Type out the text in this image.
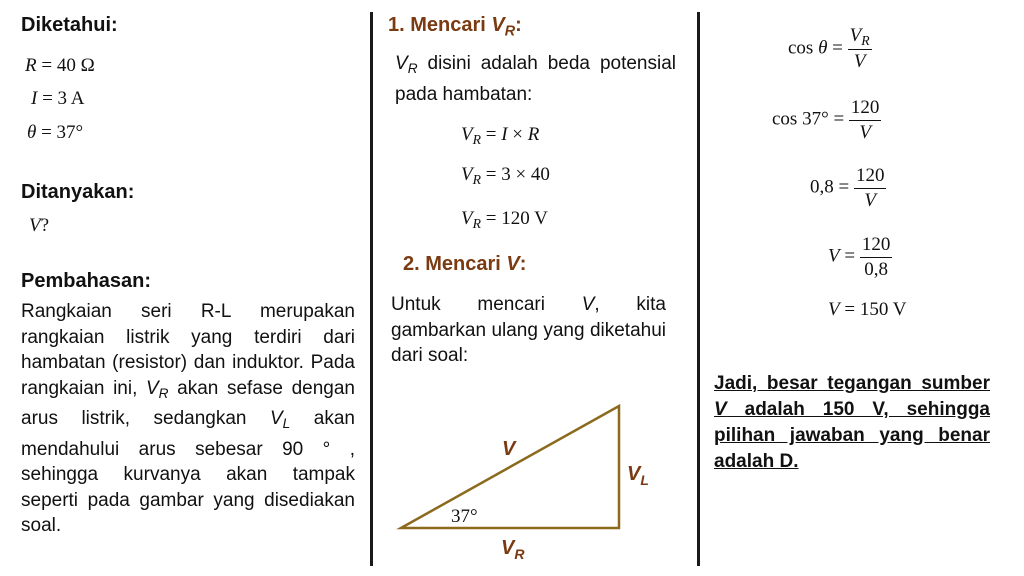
Diketahui:
R = 40 Ω
I = 3 A
θ = 37°
Ditanyakan:
V?
Pembahasan:
Rangkaian seri R-L merupakan rangkaian listrik yang terdiri dari hambatan (resistor) dan induktor. Pada rangkaian ini, $V_R$ akan sefase dengan arus listrik, sedangkan $V_L$ akan mendahului arus sebesar 90 ° , sehingga kurvanya akan tampak seperti pada gambar yang disediakan soal.
1. Mencari $V_R$:
$V_R$ disini adalah beda potensial pada hambatan:
$V_R = I \times R$
$V_R = 3 \times 40$
$V_R = 120$ V
2. Mencari V:
Untuk mencari V, kita gambarkan ulang yang diketahui dari soal:
V
$V_L$
37°
$V_R$
$\cos \theta = \frac{V_R}{V}$
$\cos 37^\circ = \frac{120}{V}$
$0,8 = \frac{120}{V}$
$V = \frac{120}{0,8}$
V = 150 V
Jadi, besar tegangan sumber V adalah 150 V, sehingga pilihan jawaban yang benar adalah D.
